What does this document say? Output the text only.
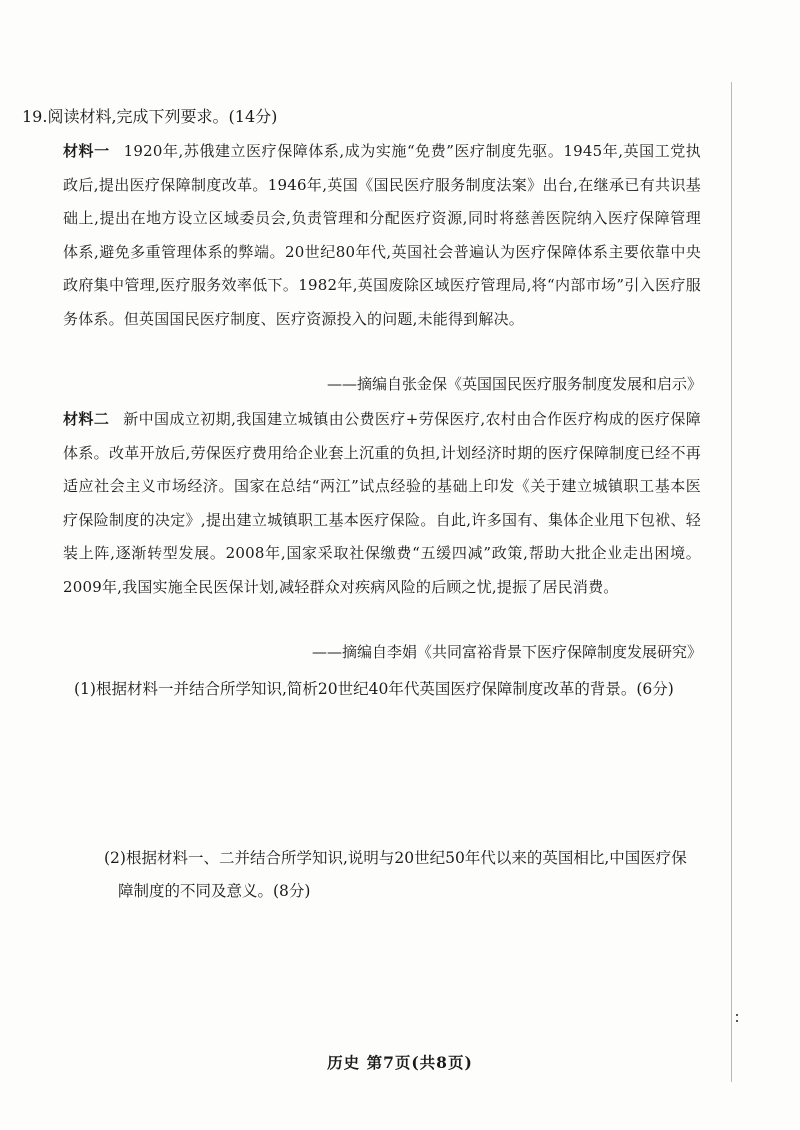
19.阅读材料,完成下列要求。(14分)
材料一 1920年,苏俄建立医疗保障体系,成为实施“免费”医疗制度先驱。1945年,英国工党执政后,提出医疗保障制度改革。1946年,英国《国民医疗服务制度法案》出台,在继承已有共识基础上,提出在地方设立区域委员会,负责管理和分配医疗资源,同时将慈善医院纳入医疗保障管理体系,避免多重管理体系的弊端。20世纪80年代,英国社会普遍认为医疗保障体系主要依靠中央政府集中管理,医疗服务效率低下。1982年,英国废除区域医疗管理局,将“内部市场”引入医疗服务体系。但英国国民医疗制度、医疗资源投入的问题,未能得到解决。
——摘编自张金保《英国国民医疗服务制度发展和启示》
材料二 新中国成立初期,我国建立城镇由公费医疗+劳保医疗,农村由合作医疗构成的医疗保障体系。改革开放后,劳保医疗费用给企业套上沉重的负担,计划经济时期的医疗保障制度已经不再适应社会主义市场经济。国家在总结“两江”试点经验的基础上印发《关于建立城镇职工基本医疗保险制度的决定》,提出建立城镇职工基本医疗保险。自此,许多国有、集体企业甩下包袱、轻装上阵,逐渐转型发展。2008年,国家采取社保缴费“五缓四减”政策,帮助大批企业走出困境。2009年,我国实施全民医保计划,减轻群众对疾病风险的后顾之忧,提振了居民消费。
——摘编自李娟《共同富裕背景下医疗保障制度发展研究》
(1)根据材料一并结合所学知识,简析20世纪40年代英国医疗保障制度改革的背景。(6分)
(2)根据材料一、二并结合所学知识,说明与20世纪50年代以来的英国相比,中国医疗保
障制度的不同及意义。(8分)
历史 第7页(共8页)
